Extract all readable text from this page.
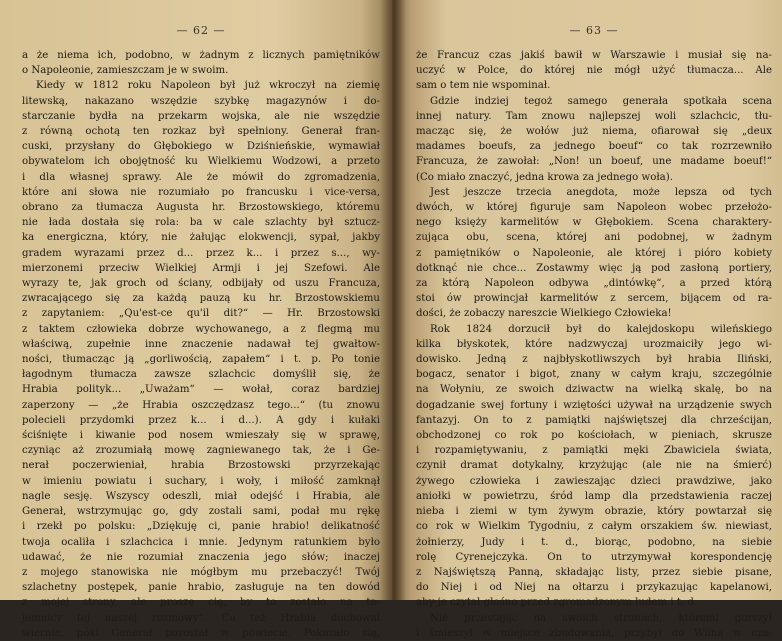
— 62 —
a że niema ich, podobno, w żadnym z licznych pamiętników
o Napoleonie, zamieszczam je w swoim.
Kiedy w 1812 roku Napoleon był już wkroczył na ziemię
litewską, nakazano wszędzie szybkę magazynów i do-
starczanie bydła na przekarm wojska, ale nie wszędzie
z równą ochotą ten rozkaz był spełniony. Generał fran-
cuski, przysłany do Głębokiego w Dziśnieńskie, wymawiał
obywatelom ich obojętność ku Wielkiemu Wodzowi, a przeto
i dla własnej sprawy. Ale że mówił do zgromadzenia,
które ani słowa nie rozumiało po francusku i vice-versa,
obrano za tłumacza Augusta hr. Brzostowskiego, któremu
nie łada dostała się rola: ba w cale szlachty był sztucz-
ka energiczna, który, nie żałując elokwencji, sypał, jakby
gradem wyrazami przez d... przez k... i przez s..., wy-
mierzonemi przeciw Wielkiej Armji i jej Szefowi. Ale
wyrazy te, jak groch od ściany, odbijały od uszu Francuza,
zwracającego się za każdą pauzą ku hr. Brzostowskiemu
z zapytaniem: „Qu'est-ce qu'il dit?“ — Hr. Brzostowski
z taktem człowieka dobrze wychowanego, a z flegmą mu
właściwą, zupełnie inne znaczenie nadawał tej gwałtow-
ności, tłumacząc ją „gorliwością, zapałem“ i t. p. Po tonie
łagodnym tłumacza zawsze szlachcic domyślił się, że
Hrabia polityk... „Uważam“ — wołał, coraz bardziej
zaperzony — „że Hrabia oszczędzasz tego...“ (tu znowu
polecieli przydomki przez k... i d...). A gdy i kułaki
ściśnięte i kiwanie pod nosem wmieszały się w sprawę,
czyniąc aż zrozumiałą mowę zagniewanego tak, że i Ge-
nerał poczerwieniał, hrabia Brzostowski przyrzekając
w imieniu powiatu i suchary, i woły, i miłość zamknął
nagle sesję. Wszyscy odeszli, miał odejść i Hrabia, ale
Generał, wstrzymując go, gdy zostali sami, podał mu rękę
i rzekł po polsku: „Dziękuję ci, panie hrabio! delikatność
twoja ocaliła i szlachcica i mnie. Jedynym ratunkiem było
udawać, że nie rozumiał znaczenia jego słów; inaczej
z mojego stanowiska nie mógłbym mu przebaczyć! Twój
szlachetny postępek, panie hrabio, zasługuje na ten dowód
z mojej strony, ale proszę cię, by to zostało na ta-
jemnicy tej naszej rozmowy“. Co też Hrabia dochował
wiernie, póki Generał pozostał w powiecie. Pokazało się,
— 63 —
że Francuz czas jakiś bawił w Warszawie i musiał się na-
uczyć w Polce, do której nie mógł użyć tłumacza... Ale
sam o tem nie wspominał.
Gdzie indziej tegoż samego generała spotkała scena
innej natury. Tam znowu najlepszej woli szlachcic, tłu-
macząc się, że wołów już niema, ofiarował się „deux
madames boeufs, za jednego boeuf“ co tak rozrzewniło
Francuza, że zawołał: „Non! un boeuf, une madame boeuf!“
(Co miało znaczyć, jedna krowa za jednego woła).
Jest jeszcze trzecia anegdota, może lepsza od tych
dwóch, w której figuruje sam Napoleon wobec przełożo-
nego księży karmelitów w Głębokiem. Scena charaktery-
zująca obu, scena, której ani podobnej, w żadnym
z pamiętników o Napoleonie, ale której i pióro kobiety
dotknąć nie chce... Zostawmy więc ją pod zasłoną portiery,
za którą Napoleon odbywa „dintówkę“, a przed którą
stoi ów prowincjał karmelitów z sercem, bijącem od ra-
dości, że zobaczy nareszcie Wielkiego Człowieka!
Rok 1824 dorzucił był do kalejdoskopu wileńskiego
kilka błyskotek, które nadzwyczaj urozmaiciły jego wi-
dowisko. Jedną z najbłyskotliwszych był hrabia Iliński,
bogacz, senator i bigot, znany w całym kraju, szczególnie
na Wołyniu, ze swoich dziwactw na wielką skalę, bo na
dogadzanie swej fortuny i wziętości używał na urządzenie swych
fantazyj. On to z pamiątki najświętszej dla chrześcijan,
obchodzonej co rok po kościołach, w pieniach, skrusze
i rozpamiętywaniu, z pamiątki męki Zbawiciela świata,
czynił dramat dotykalny, krzyżując (ale nie na śmierć)
żywego człowieka i zawieszając dzieci prawdziwe, jako
aniołki w powietrzu, śród lamp dla przedstawienia raczej
nieba i ziemi w tym żywym obrazie, który powtarzał się
co rok w Wielkim Tygodniu, z całym orszakiem św. niewiast,
żołnierzy, Judy i t. d., biorąc, podobno, na siebie
rolę Cyrenejczyka. On to utrzymywał korespondencję
z Najświętszą Panną, składając listy, przez siebie pisane,
do Niej i od Niej na ołtarzu i przykazując kapelanowi,
aby je czytał głośno przed zgromadzonym ludem i t. d.
Nie przestając na swoich stronach, któremi gorszył
i śmieszył w miejsce zbudowania, przybył do Wilna w cza-
